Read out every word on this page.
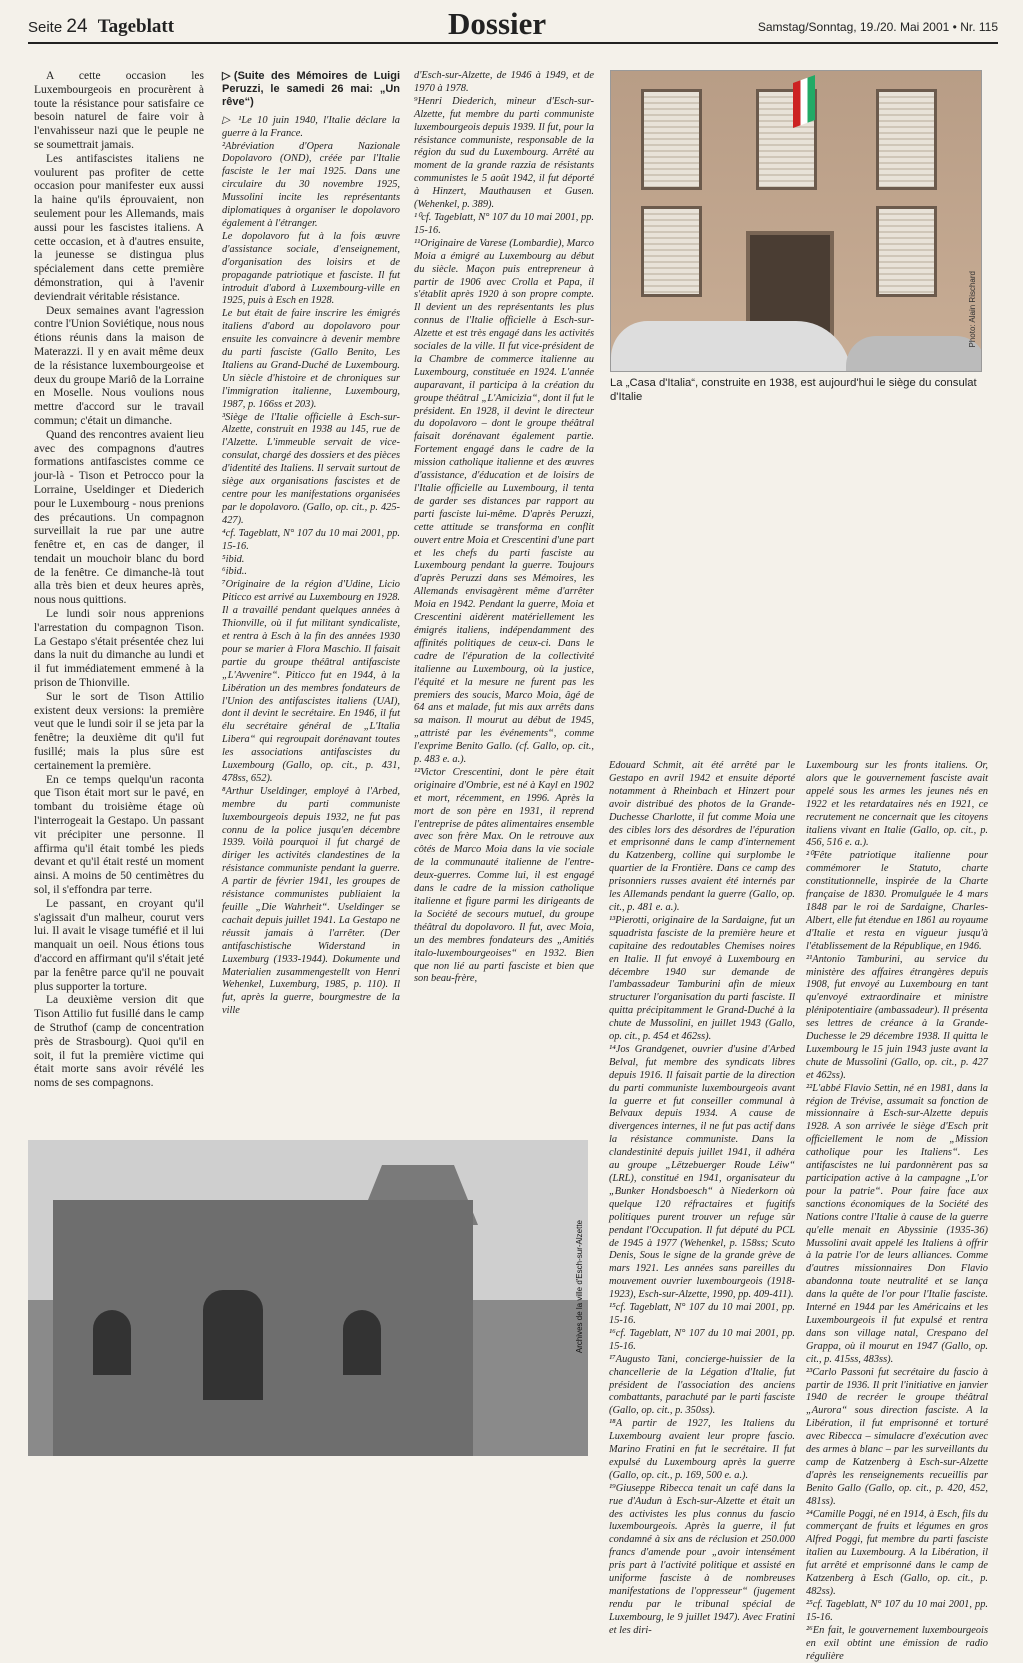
Seite 24 Tageblatt	Dossier	Samstag/Sonntag, 19./20. Mai 2001 • Nr. 115

A cette occasion les Luxembourgeois en procurèrent à toute la résistance pour satisfaire ce besoin naturel de faire voir à l'envahisseur nazi que le peuple ne se soumettrait jamais.

Les antifascistes italiens ne voulurent pas profiter de cette occasion pour manifester eux aussi la haine qu'ils éprouvaient, non seulement pour les Allemands, mais aussi pour les fascistes italiens. A cette occasion, et à d'autres ensuite, la jeunesse se distingua plus spécialement dans cette première démonstration, qui à l'avenir deviendrait véritable résistance.

Deux semaines avant l'agression contre l'Union Soviétique, nous nous étions réunis dans la maison de Materazzi. Il y en avait même deux de la résistance luxembourgeoise et deux du groupe Mariô de la Lorraine en Moselle. Nous voulions nous mettre d'accord sur le travail commun; c'était un dimanche.

Quand des rencontres avaient lieu avec des compagnons d'autres formations antifascistes comme ce jour-là - Tison et Petrocco pour la Lorraine, Useldinger et Diederich pour le Luxembourg - nous prenions des précautions. Un compagnon surveillait la rue par une autre fenêtre et, en cas de danger, il tendait un mouchoir blanc du bord de la fenêtre. Ce dimanche-là tout alla très bien et deux heures après, nous nous quittions.

Le lundi soir nous apprenions l'arrestation du compagnon Tison. La Gestapo s'était présentée chez lui dans la nuit du dimanche au lundi et il fut immédiatement emmené à la prison de Thionville.

Sur le sort de Tison Attilio existent deux versions: la première veut que le lundi soir il se jeta par la fenêtre; la deuxième dit qu'il fut fusillé; mais la plus sûre est certainement la première.

En ce temps quelqu'un raconta que Tison était mort sur le pavé, en tombant du troisième étage où l'interrogeait la Gestapo. Un passant vit précipiter une personne. Il affirma qu'il était tombé les pieds devant et qu'il était resté un moment ainsi. A moins de 50 centimètres du sol, il s'effondra par terre.

Le passant, en croyant qu'il s'agissait d'un malheur, courut vers lui. Il avait le visage tuméfié et il lui manquait un oeil. Nous étions tous d'accord en affirmant qu'il s'était jeté par la fenêtre parce qu'il ne pouvait plus supporter la torture.

La deuxième version dit que Tison Attilio fut fusillé dans le camp de Struthof (camp de concentration près de Strasbourg). Quoi qu'il en soit, il fut la première victime qui était morte sans avoir révélé les noms de ses compagnons.

▷(Suite des Mémoires de Luigi Peruzzi, le samedi 26 mai: „Un rêve“)

▷ ¹Le 10 juin 1940, l'Italie déclare la guerre à la France.

²Abréviation d'Opera Nazionale Dopolavoro (OND), créée par l'Italie fasciste le 1er mai 1925. Dans une circulaire du 30 novembre 1925, Mussolini incite les représentants diplomatiques à organiser le dopolavoro également à l'étranger.

Le dopolavoro fut à la fois œuvre d'assistance sociale, d'enseignement, d'organisation des loisirs et de propagande patriotique et fasciste. Il fut introduit d'abord à Luxembourg-ville en 1925, puis à Esch en 1928.

Le but était de faire inscrire les émigrés italiens d'abord au dopolavoro pour ensuite les convaincre à devenir membre du parti fasciste (Gallo Benito, Les Italiens au Grand-Duché de Luxembourg. Un siècle d'histoire et de chroniques sur l'immigration italienne, Luxembourg, 1987, p. 166ss et 203).

³Siège de l'Italie officielle à Esch-sur-Alzette, construit en 1938 au 145, rue de l'Alzette. L'immeuble servait de vice-consulat, chargé des dossiers et des pièces d'identité des Italiens. Il servait surtout de siège aux organisations fascistes et de centre pour les manifestations organisées par le dopolavoro. (Gallo, op. cit., p. 425-427).

⁴cf. Tageblatt, N° 107 du 10 mai 2001, pp. 15-16.

⁵ibid.

⁶ibid..

⁷Originaire de la région d'Udine, Licio Piticco est arrivé au Luxembourg en 1928. Il a travaillé pendant quelques années à Thionville, où il fut militant syndicaliste, et rentra à Esch à la fin des années 1930 pour se marier à Flora Maschio. Il faisait partie du groupe théâtral antifasciste „L'Avvenire“. Piticco fut en 1944, à la Libération un des membres fondateurs de l'Union des antifascistes italiens (UAI), dont il devint le secrétaire. En 1946, il fut élu secrétaire général de „L'Italia Libera“ qui regroupait dorénavant toutes les associations antifascistes du Luxembourg (Gallo, op. cit., p. 431, 478ss, 652).

⁸Arthur Useldinger, employé à l'Arbed, membre du parti communiste luxembourgeois depuis 1932, ne fut pas connu de la police jusqu'en décembre 1939. Voilà pourquoi il fut chargé de diriger les activités clandestines de la résistance communiste pendant la guerre. A partir de février 1941, les groupes de résistance communistes publiaient la feuille „Die Wahrheit“. Useldinger se cachait depuis juillet 1941. La Gestapo ne réussit jamais à l'arrêter. (Der antifaschistische Widerstand in Luxemburg (1933-1944). Dokumente und Materialien zusammengestellt von Henri Wehenkel, Luxemburg, 1985, p. 110). Il fut, après la guerre, bourgmestre de la ville

d'Esch-sur-Alzette, de 1946 à 1949, et de 1970 à 1978.

⁹Henri Diederich, mineur d'Esch-sur-Alzette, fut membre du parti communiste luxembourgeois depuis 1939. Il fut, pour la résistance communiste, responsable de la région du sud du Luxembourg. Arrêté au moment de la grande razzia de résistants communistes le 5 août 1942, il fut déporté à Hinzert, Mauthausen et Gusen. (Wehenkel, p. 389).

¹⁰cf. Tageblatt, N° 107 du 10 mai 2001, pp. 15-16.

¹¹Originaire de Varese (Lombardie), Marco Moia a émigré au Luxembourg au début du siècle. Maçon puis entrepreneur à partir de 1906 avec Crolla et Papa, il s'établit après 1920 à son propre compte. Il devient un des représentants les plus connus de l'Italie officielle à Esch-sur-Alzette et est très engagé dans les activités sociales de la ville. Il fut vice-président de la Chambre de commerce italienne au Luxembourg, constituée en 1924. L'année auparavant, il participa à la création du groupe théâtral „L'Amicizia“, dont il fut le président. En 1928, il devint le directeur du dopolavoro – dont le groupe théâtral faisait dorénavant également partie. Fortement engagé dans le cadre de la mission catholique italienne et des œuvres d'assistance, d'éducation et de loisirs de l'Italie officielle au Luxembourg, il tenta de garder ses distances par rapport au parti fasciste lui-même. D'après Peruzzi, cette attitude se transforma en conflit ouvert entre Moia et Crescentini d'une part et les chefs du parti fasciste au Luxembourg pendant la guerre. Toujours d'après Peruzzi dans ses Mémoires, les Allemands envisagèrent même d'arrêter Moia en 1942. Pendant la guerre, Moia et Crescentini aidèrent matériellement les émigrés italiens, indépendamment des affinités politiques de ceux-ci. Dans le cadre de l'épuration de la collectivité italienne au Luxembourg, où la justice, l'équité et la mesure ne furent pas les premiers des soucis, Marco Moia, âgé de 64 ans et malade, fut mis aux arrêts dans sa maison. Il mourut au début de 1945, „attristé par les événements“, comme l'exprime Benito Gallo. (cf. Gallo, op. cit., p. 483 e. a.).

¹²Victor Crescentini, dont le père était originaire d'Ombrie, est né à Kayl en 1902 et mort, récemment, en 1996. Après la mort de son père en 1931, il reprend l'entreprise de pâtes alimentaires ensemble avec son frère Max. On le retrouve aux côtés de Marco Moia dans la vie sociale de la communauté italienne de l'entre-deux-guerres. Comme lui, il est engagé dans le cadre de la mission catholique italienne et figure parmi les dirigeants de la Société de secours mutuel, du groupe théâtral du dopolavoro. Il fut, avec Moia, un des membres fondateurs des „Amitiés italo-luxembourgeoises“ en 1932. Bien que non lié au parti fasciste et bien que son beau-frère,

Photo: Alain Rischard
La „Casa d'Italia“, construite en 1938, est aujourd'hui le siège du consulat d'Italie

Edouard Schmit, ait été arrêté par le Gestapo en avril 1942 et ensuite déporté notamment à Rheinbach et Hinzert pour avoir distribué des photos de la Grande-Duchesse Charlotte, il fut comme Moia une des cibles lors des désordres de l'épuration et emprisonné dans le camp d'internement du Katzenberg, colline qui surplombe le quartier de la Frontière. Dans ce camp des prisonniers russes avaient été internés par les Allemands pendant la guerre (Gallo, op. cit., p. 481 e. a.).

¹³Pierotti, originaire de la Sardaigne, fut un squadrista fasciste de la première heure et capitaine des redoutables Chemises noires en Italie. Il fut envoyé à Luxembourg en décembre 1940 sur demande de l'ambassadeur Tamburini afin de mieux structurer l'organisation du parti fasciste. Il quitta précipitamment le Grand-Duché à la chute de Mussolini, en juillet 1943 (Gallo, op. cit., p. 454 et 462ss).

¹⁴Jos Grandgenet, ouvrier d'usine d'Arbed Belval, fut membre des syndicats libres depuis 1916. Il faisait partie de la direction du parti communiste luxembourgeois avant la guerre et fut conseiller communal à Belvaux depuis 1934. A cause de divergences internes, il ne fut pas actif dans la résistance communiste. Dans la clandestinité depuis juillet 1941, il adhéra au groupe „Lëtzebuerger Roude Léiw“ (LRL), constitué en 1941, organisateur du „Bunker Hondsboesch“ à Niederkorn où quelque 120 réfractaires et fugitifs politiques purent trouver un refuge sûr pendant l'Occupation. Il fut député du PCL de 1945 à 1977 (Wehenkel, p. 158ss; Scuto Denis, Sous le signe de la grande grève de mars 1921. Les années sans pareilles du mouvement ouvrier luxembourgeois (1918-1923), Esch-sur-Alzette, 1990, pp. 409-411).

¹⁵cf. Tageblatt, N° 107 du 10 mai 2001, pp. 15-16.

¹⁶cf. Tageblatt, N° 107 du 10 mai 2001, pp. 15-16.

¹⁷Augusto Tani, concierge-huissier de la chancellerie de la Légation d'Italie, fut président de l'association des anciens combattants, parachuté par le parti fasciste (Gallo, op. cit., p. 350ss).

¹⁸A partir de 1927, les Italiens du Luxembourg avaient leur propre fascio. Marino Fratini en fut le secrétaire. Il fut expulsé du Luxembourg après la guerre (Gallo, op. cit., p. 169, 500 e. a.).

¹⁹Giuseppe Ribecca tenait un café dans la rue d'Audun à Esch-sur-Alzette et était un des activistes les plus connus du fascio luxembourgeois. Après la guerre, il fut condamné à six ans de réclusion et 250.000 francs d'amende pour „avoir intensément pris part à l'activité politique et assisté en uniforme fasciste à de nombreuses manifestations de l'oppresseur“ (jugement rendu par le tribunal spécial de Luxembourg, le 9 juillet 1947). Avec Fratini et les diri-

Luxembourg sur les fronts italiens. Or, alors que le gouvernement fasciste avait appelé sous les armes les jeunes nés en 1922 et les retardataires nés en 1921, ce recrutement ne concernait que les citoyens italiens vivant en Italie (Gallo, op. cit., p. 456, 516 e. a.).

²⁰Fête patriotique italienne pour commémorer le Statuto, charte constitutionnelle, inspirée de la Charte française de 1830. Promulguée le 4 mars 1848 par le roi de Sardaigne, Charles-Albert, elle fut étendue en 1861 au royaume d'Italie et resta en vigueur jusqu'à l'établissement de la République, en 1946.

²¹Antonio Tamburini, au service du ministère des affaires étrangères depuis 1908, fut envoyé au Luxembourg en tant qu'envoyé extraordinaire et ministre plénipotentiaire (ambassadeur). Il présenta ses lettres de créance à la Grande-Duchesse le 29 décembre 1938. Il quitta le Luxembourg le 15 juin 1943 juste avant la chute de Mussolini (Gallo, op. cit., p. 427 et 462ss).

²²L'abbé Flavio Settin, né en 1981, dans la région de Trévise, assumait sa fonction de missionnaire à Esch-sur-Alzette depuis 1928. A son arrivée le siège d'Esch prit officiellement le nom de „Mission catholique pour les Italiens“. Les antifascistes ne lui pardonnèrent pas sa participation active à la campagne „L'or pour la patrie“. Pour faire face aux sanctions économiques de la Société des Nations contre l'Italie à cause de la guerre qu'elle menait en Abyssinie (1935-36) Mussolini avait appelé les Italiens à offrir à la patrie l'or de leurs alliances. Comme d'autres missionnaires Don Flavio abandonna toute neutralité et se lança dans la quête de l'or pour l'Italie fasciste. Interné en 1944 par les Américains et les Luxembourgeois il fut expulsé et rentra dans son village natal, Crespano del Grappa, où il mourut en 1947 (Gallo, op. cit., p. 415ss, 483ss).

²³Carlo Passoni fut secrétaire du fascio à partir de 1936. Il prit l'initiative en janvier 1940 de recréer le groupe théâtral „Aurora“ sous direction fasciste. A la Libération, il fut emprisonné et torturé avec Ribecca – simulacre d'exécution avec des armes à blanc – par les surveillants du camp de Katzenberg à Esch-sur-Alzette d'après les renseignements recueillis par Benito Gallo (Gallo, op. cit., p. 420, 452, 481ss).

²⁴Camille Poggi, né en 1914, à Esch, fils du commerçant de fruits et légumes en gros Alfred Poggi, fut membre du parti fasciste italien au Luxembourg. A la Libération, il fut arrêté et emprisonné dans le camp de Katzenberg à Esch (Gallo, op. cit., p. 482ss).

²⁵cf. Tageblatt, N° 107 du 10 mai 2001, pp. 15-16.

²⁶En fait, le gouvernement luxembourgeois en exil obtint une émission de radio régulière

Archives de la ville d'Esch-sur-Alzette
